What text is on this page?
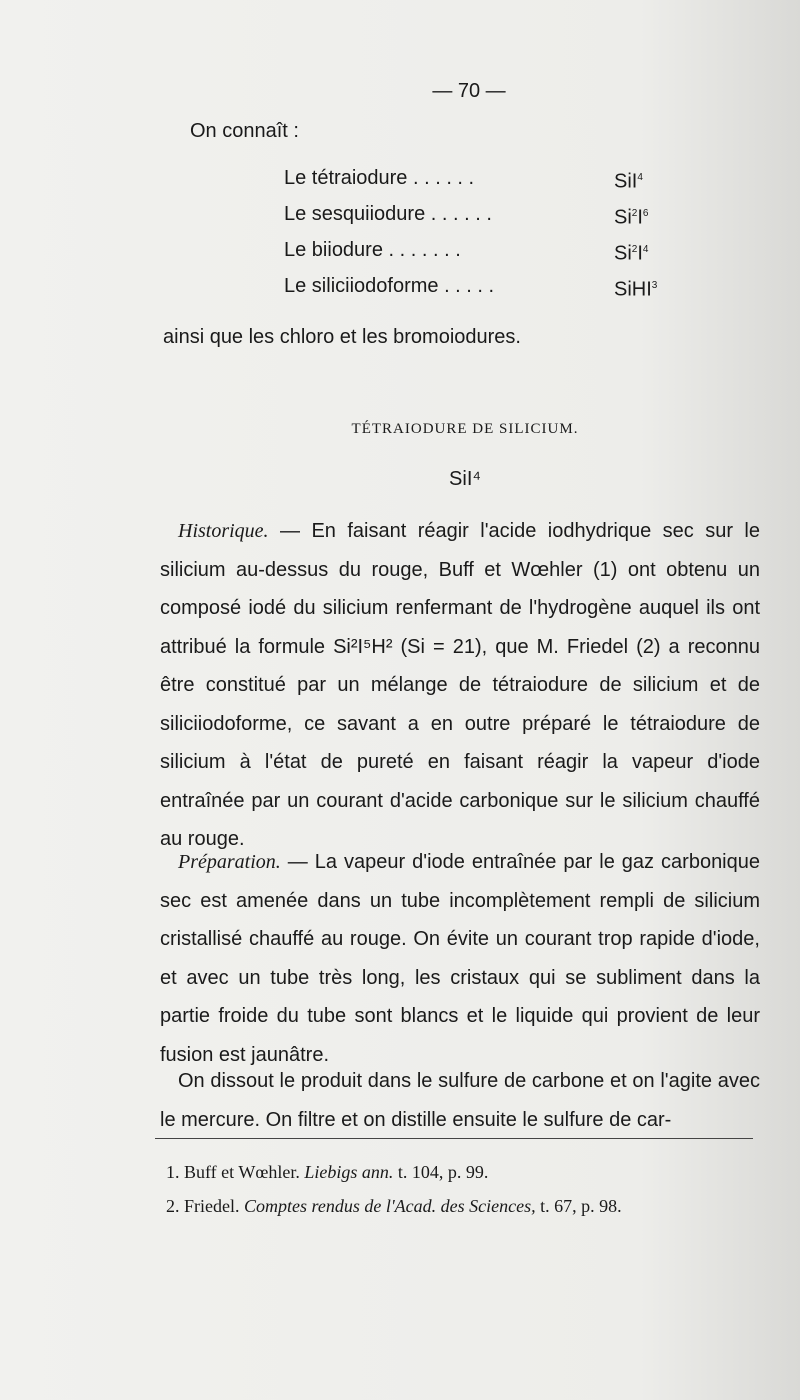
— 70 —
On connaît :
Le tétraiodure . . . . . .	SiI$^4$
Le sesquiiodure . . . . . .	$Si^2I^6$
Le biiodure . . . . . . .	$Si^2I^4$
Le siliciiodoforme . . . . .	SiHI$^3$
ainsi que les chloro et les bromoiodures.
TÉTRAIODURE DE SILICIUM.
SiI⁴

Historique. — En faisant réagir l'acide iodhydrique sec sur le silicium au-dessus du rouge, Buff et Wœhler (1) ont obtenu un composé iodé du silicium renfermant de l'hydrogène auquel ils ont attribué la formule Si²I⁵H² (Si = 21), que M. Friedel (2) a reconnu être constitué par un mélange de tétraiodure de silicium et de siliciiodoforme, ce savant a en outre préparé le tétraiodure de silicium à l'état de pureté en faisant réagir la vapeur d'iode entraînée par un courant d'acide carbonique sur le silicium chauffé au rouge.

Préparation. — La vapeur d'iode entraînée par le gaz carbonique sec est amenée dans un tube incomplètement rempli de silicium cristallisé chauffé au rouge. On évite un courant trop rapide d'iode, et avec un tube très long, les cristaux qui se subliment dans la partie froide du tube sont blancs et le liquide qui provient de leur fusion est jaunâtre.

On dissout le produit dans le sulfure de carbone et on l'agite avec le mercure. On filtre et on distille ensuite le sulfure de car-

1. Buff et Wœhler. Liebigs ann. t. 104, p. 99.
2. Friedel. Comptes rendus de l'Acad. des Sciences, t. 67, p. 98.
